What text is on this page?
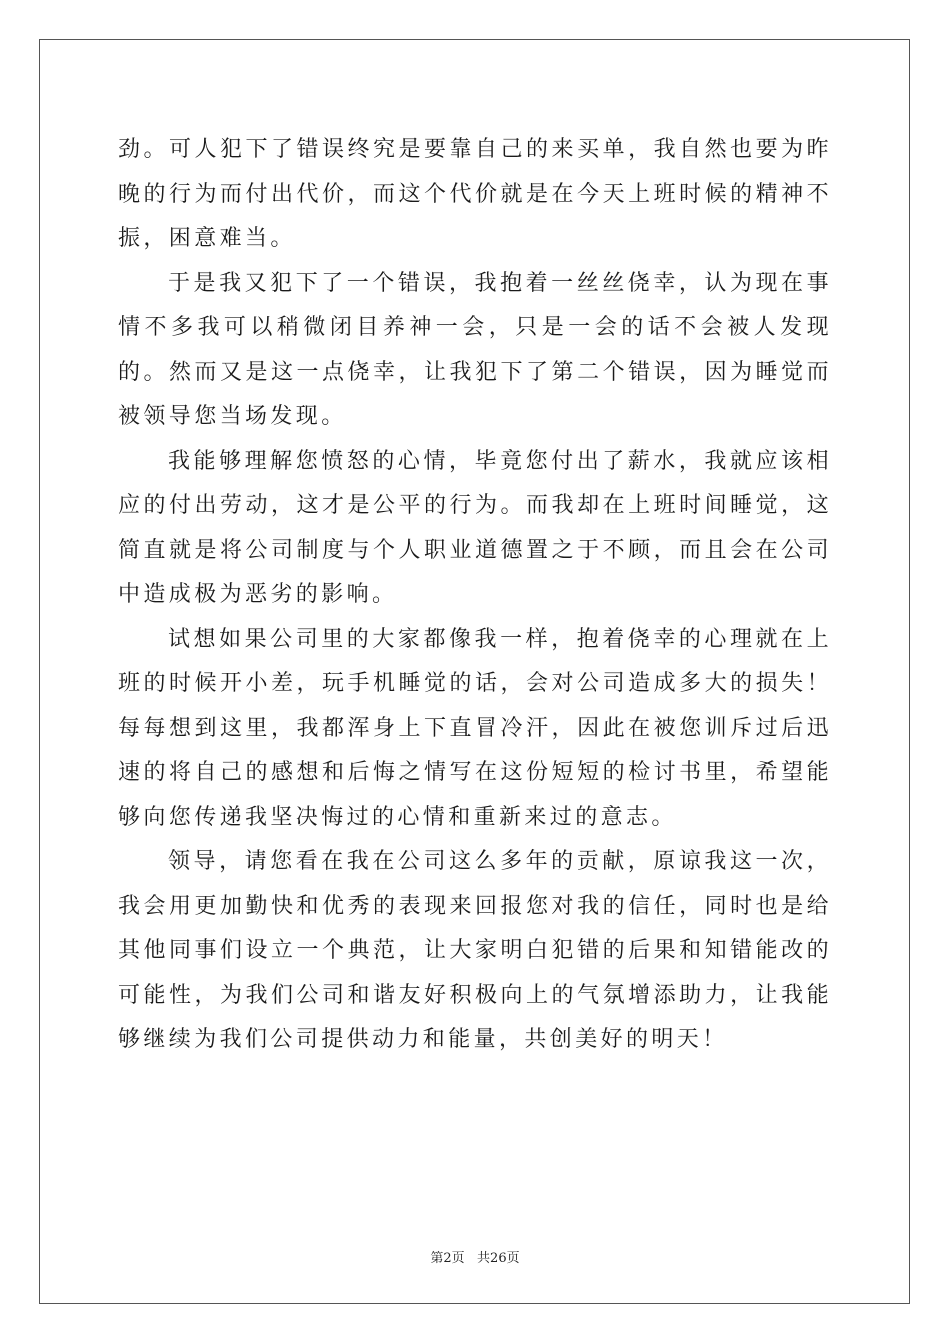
劲。可人犯下了错误终究是要靠自己的来买单，我自然也要为昨晚的行为而付出代价，而这个代价就是在今天上班时候的精神不振，困意难当。

于是我又犯下了一个错误，我抱着一丝丝侥幸，认为现在事情不多我可以稍微闭目养神一会，只是一会的话不会被人发现的。然而又是这一点侥幸，让我犯下了第二个错误，因为睡觉而被领导您当场发现。

我能够理解您愤怒的心情，毕竟您付出了薪水，我就应该相应的付出劳动，这才是公平的行为。而我却在上班时间睡觉，这简直就是将公司制度与个人职业道德置之于不顾，而且会在公司中造成极为恶劣的影响。

试想如果公司里的大家都像我一样，抱着侥幸的心理就在上班的时候开小差，玩手机睡觉的话，会对公司造成多大的损失！每每想到这里，我都浑身上下直冒冷汗，因此在被您训斥过后迅速的将自己的感想和后悔之情写在这份短短的检讨书里，希望能够向您传递我坚决悔过的心情和重新来过的意志。

领导，请您看在我在公司这么多年的贡献，原谅我这一次，我会用更加勤快和优秀的表现来回报您对我的信任，同时也是给其他同事们设立一个典范，让大家明白犯错的后果和知错能改的可能性，为我们公司和谐友好积极向上的气氛增添助力，让我能够继续为我们公司提供动力和能量，共创美好的明天！

第2页   共26页
